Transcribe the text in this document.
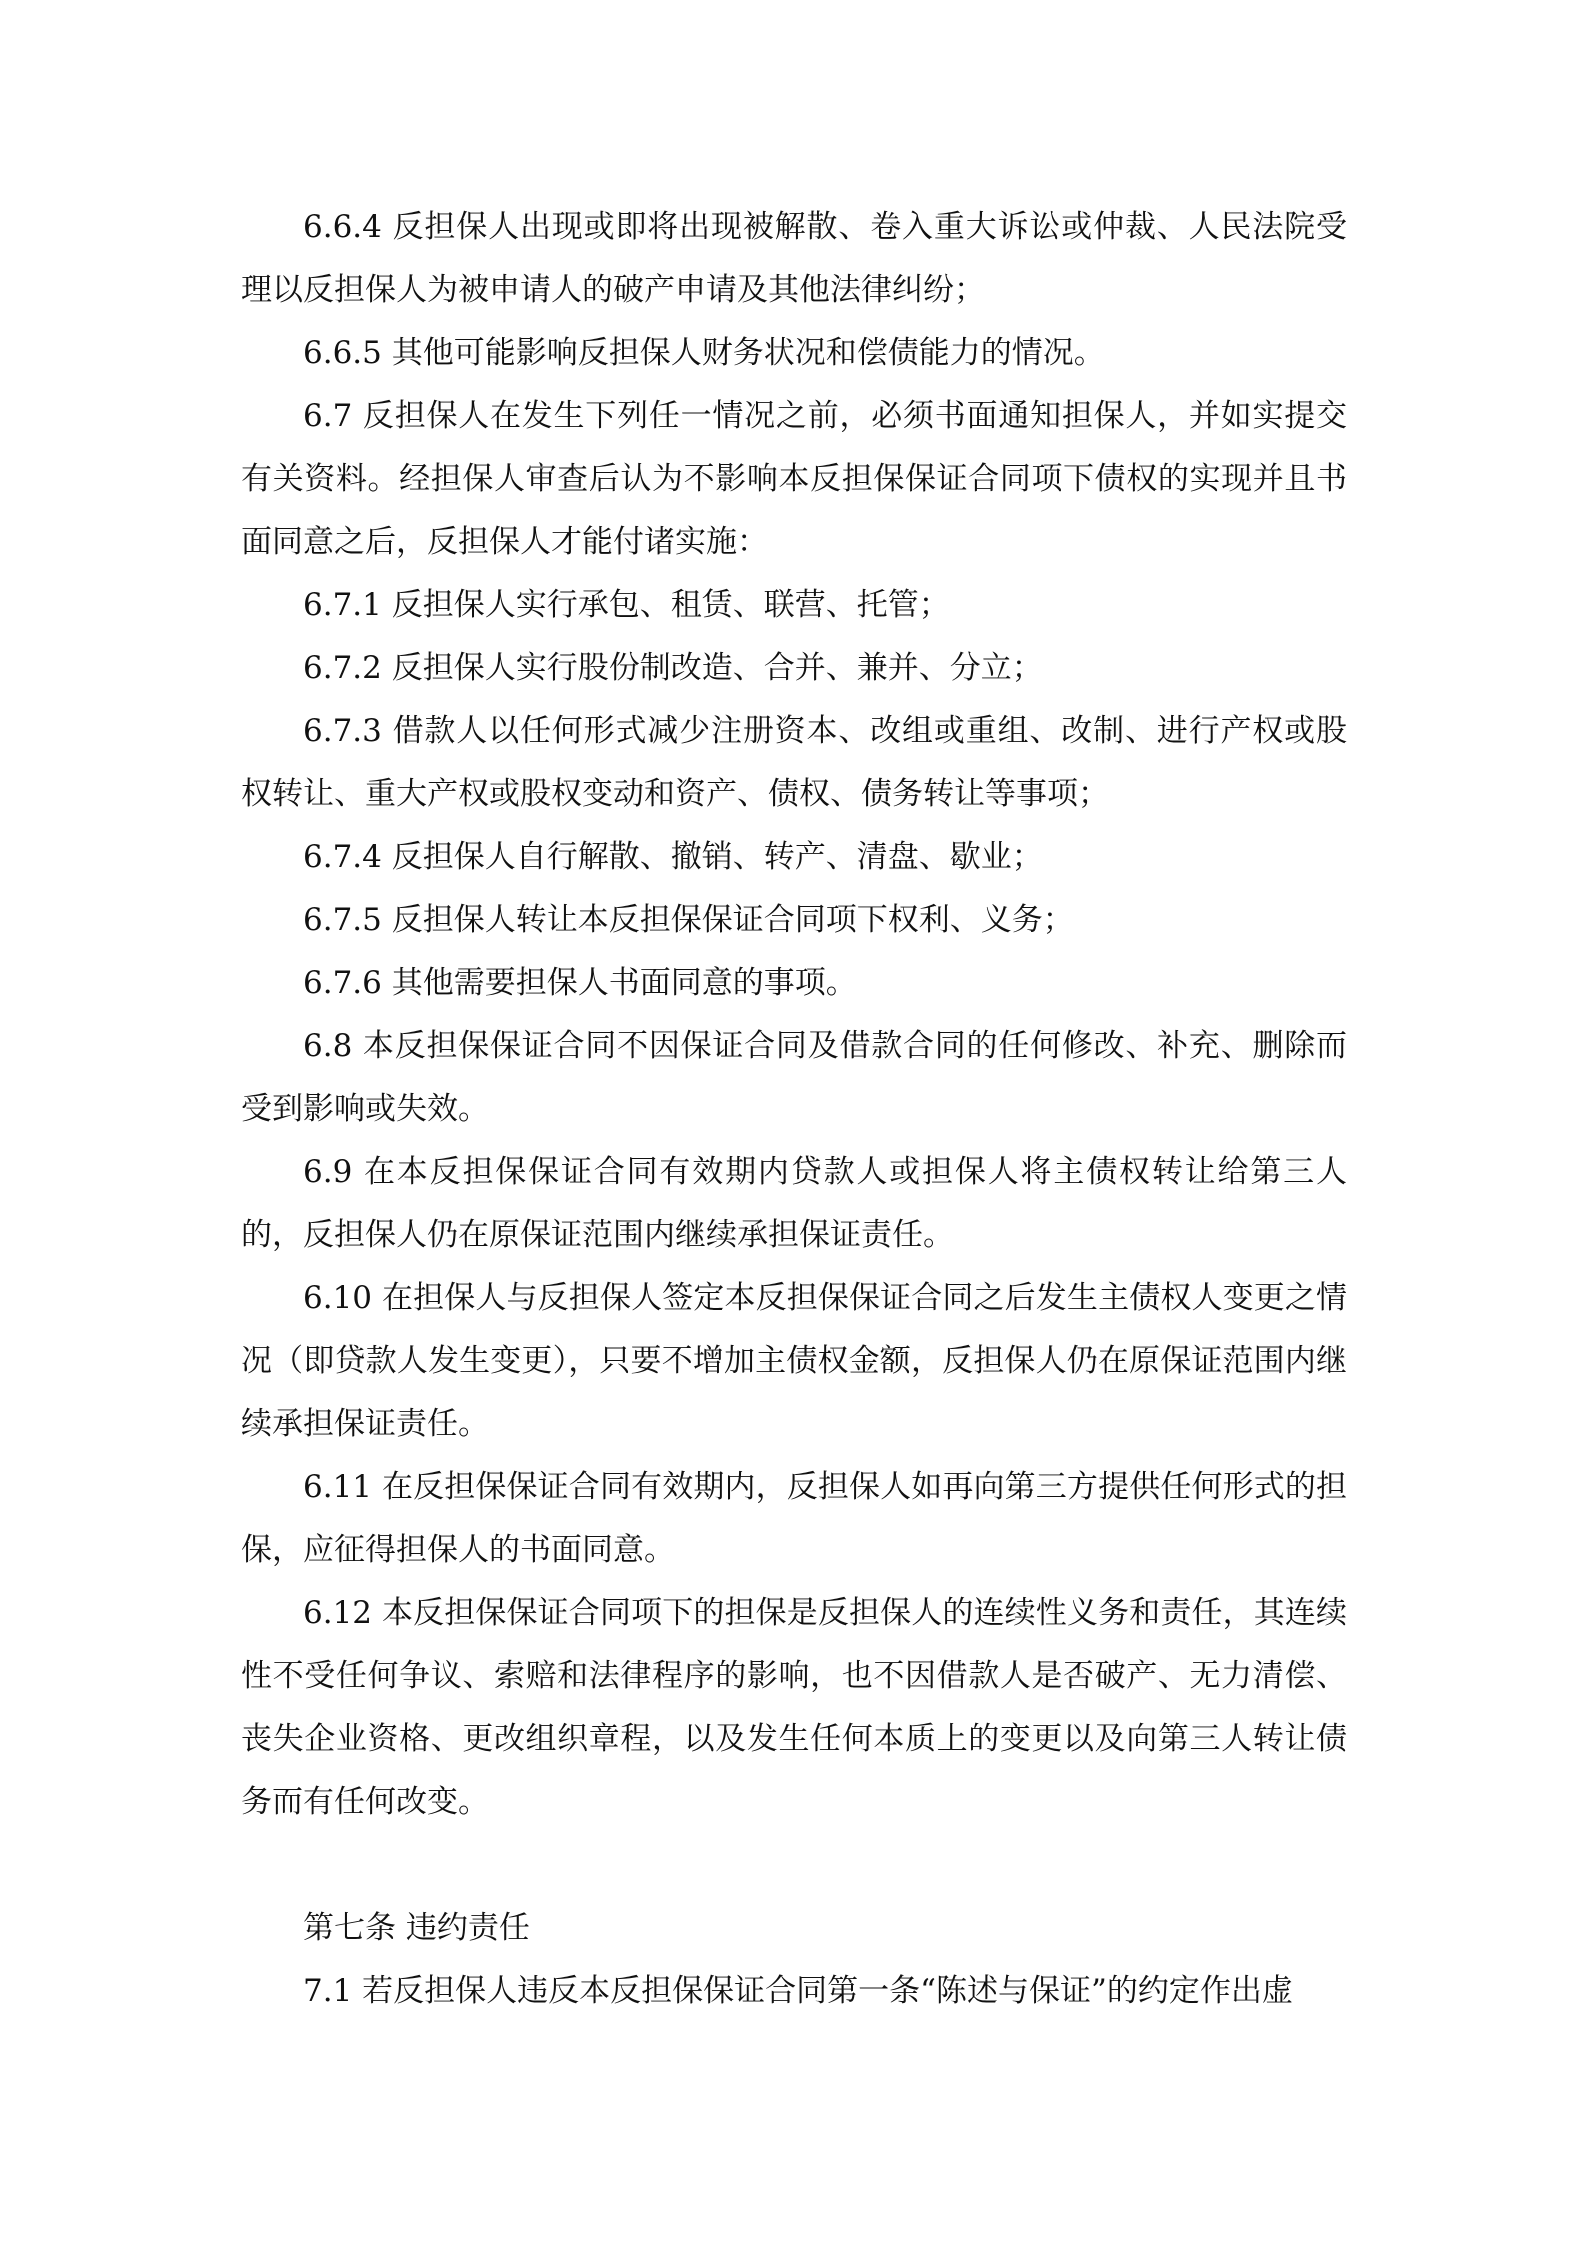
6.6.4 反担保人出现或即将出现被解散、卷入重大诉讼或仲裁、人民法院受理以反担保人为被申请人的破产申请及其他法律纠纷；

6.6.5 其他可能影响反担保人财务状况和偿债能力的情况。

6.7 反担保人在发生下列任一情况之前，必须书面通知担保人，并如实提交有关资料。经担保人审查后认为不影响本反担保保证合同项下债权的实现并且书面同意之后，反担保人才能付诸实施：

6.7.1 反担保人实行承包、租赁、联营、托管；

6.7.2 反担保人实行股份制改造、合并、兼并、分立；

6.7.3 借款人以任何形式减少注册资本、改组或重组、改制、进行产权或股权转让、重大产权或股权变动和资产、债权、债务转让等事项；

6.7.4 反担保人自行解散、撤销、转产、清盘、歇业；

6.7.5 反担保人转让本反担保保证合同项下权利、义务；

6.7.6 其他需要担保人书面同意的事项。

6.8 本反担保保证合同不因保证合同及借款合同的任何修改、补充、删除而受到影响或失效。

6.9 在本反担保保证合同有效期内贷款人或担保人将主债权转让给第三人的，反担保人仍在原保证范围内继续承担保证责任。

6.10 在担保人与反担保人签定本反担保保证合同之后发生主债权人变更之情况（即贷款人发生变更），只要不增加主债权金额，反担保人仍在原保证范围内继续承担保证责任。

6.11 在反担保保证合同有效期内，反担保人如再向第三方提供任何形式的担保，应征得担保人的书面同意。

6.12 本反担保保证合同项下的担保是反担保人的连续性义务和责任，其连续性不受任何争议、索赔和法律程序的影响，也不因借款人是否破产、无力清偿、丧失企业资格、更改组织章程，以及发生任何本质上的变更以及向第三人转让债务而有任何改变。

第七条 违约责任

7.1 若反担保人违反本反担保保证合同第一条“陈述与保证”的约定作出虚
